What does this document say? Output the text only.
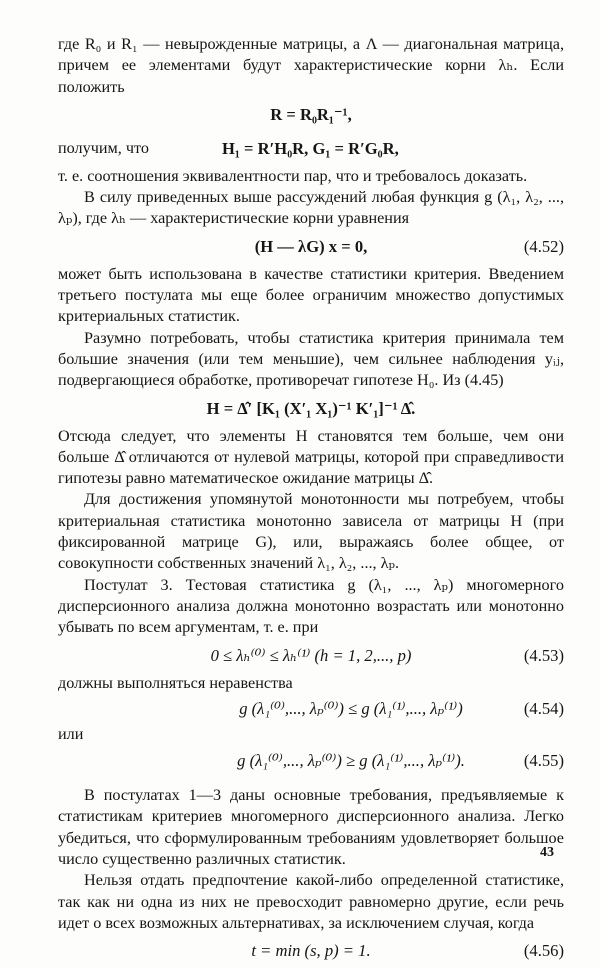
где R₀ и R₁ — невырожденные матрицы, а Λ — диагональная матрица, причем ее элементами будут характеристические корни λₕ. Если положить

R = R₀R₁⁻¹,
получим, что	H₁ = R′H₀R, G₁ = R′G₀R,

т. е. соотношения эквивалентности пар, что и требовалось доказать.

В силу приведенных выше рассуждений любая функция g (λ₁, λ₂, ..., λₚ), где λₕ — характеристические корни уравнения

(H — λG) x = 0,	(4.52)

может быть использована в качестве статистики критерия. Введением третьего постулата мы еще более ограничим множество допустимых критериальных статистик.

Разумно потребовать, чтобы статистика критерия принимала тем большие значения (или тем меньшие), чем сильнее наблюдения yᵢⱼ, подвергающиеся обработке, противоречат гипотезе H₀. Из (4.45)

H = Δ̂′ [K₁ (X′₁ X₁)⁻¹ K′₁]⁻¹ Δ̂.

Отсюда следует, что элементы H становятся тем больше, чем они больше Δ̂ отличаются от нулевой матрицы, которой при справедливости гипотезы равно математическое ожидание матрицы Δ̂.

Для достижения упомянутой монотонности мы потребуем, чтобы критериальная статистика монотонно зависела от матрицы H (при фиксированной матрице G), или, выражаясь более общее, от совокупности собственных значений λ₁, λ₂, ..., λₚ.

Постулат 3. Тестовая статистика g (λ₁, ..., λₚ) многомерного дисперсионного анализа должна монотонно возрастать или монотонно убывать по всем аргументам, т. е. при

0 ≤ λₕ⁽⁰⁾ ≤ λₕ⁽¹⁾ (h = 1, 2,..., p)	(4.53)

должны выполняться неравенства

g (λ₁⁽⁰⁾,..., λₚ⁽⁰⁾) ≤ g (λ₁⁽¹⁾,..., λₚ⁽¹⁾)	(4.54)

или

g (λ₁⁽⁰⁾,..., λₚ⁽⁰⁾) ≥ g (λ₁⁽¹⁾,..., λₚ⁽¹⁾).	(4.55)

В постулатах 1—3 даны основные требования, предъявляемые к статистикам критериев многомерного дисперсионного анализа. Легко убедиться, что сформулированным требованиям удовлетворяет большое число существенно различных статистик.

Нельзя отдать предпочтение какой-либо определенной статистике, так как ни одна из них не превосходит равномерно другие, если речь идет о всех возможных альтернативах, за исключением случая, когда

t = min (s, p) = 1.	(4.56)
43
